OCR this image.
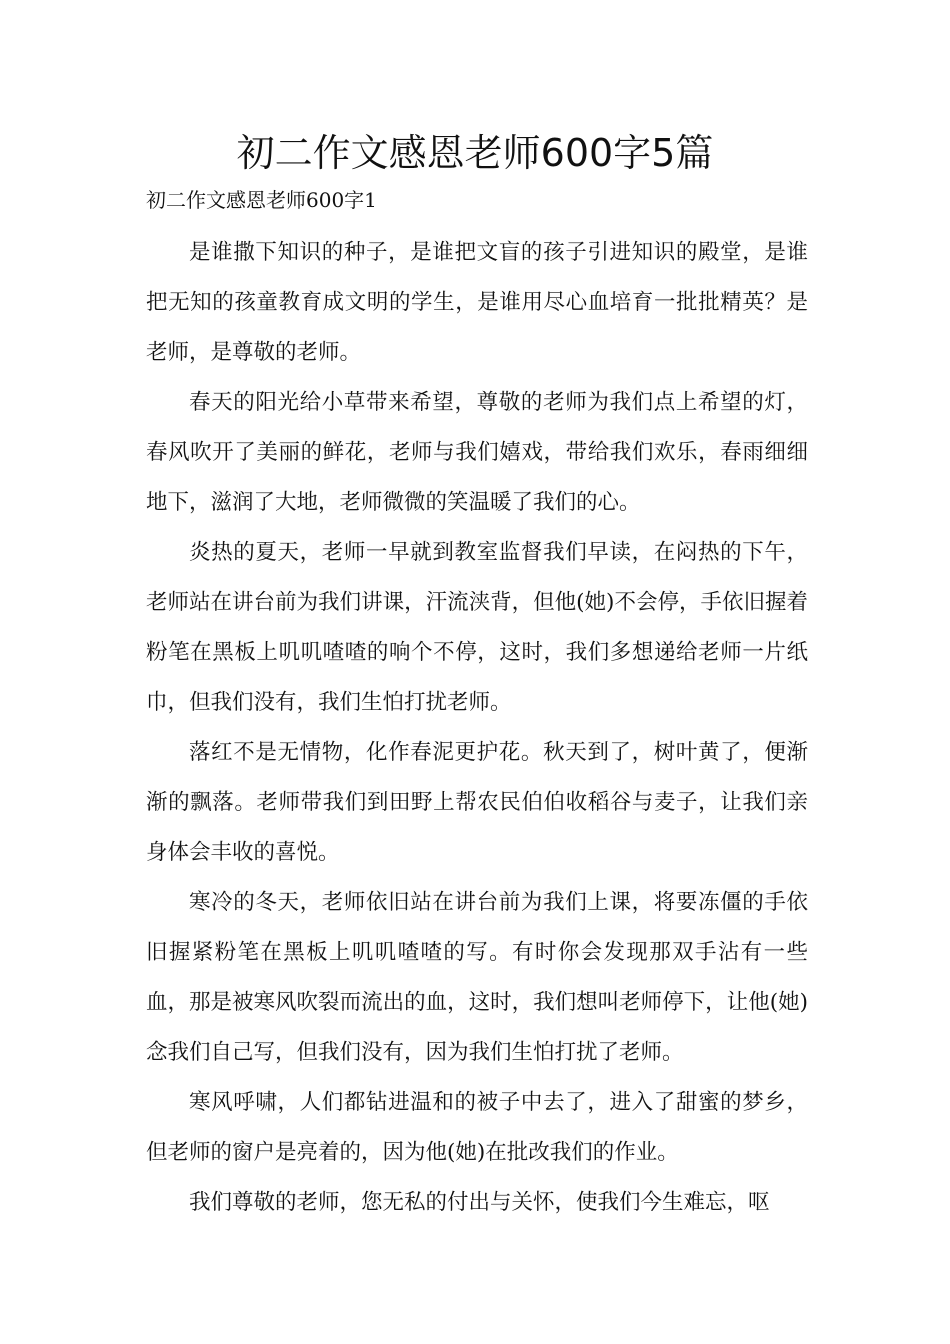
初二作文感恩老师600字5篇
初二作文感恩老师600字1

是谁撒下知识的种子，是谁把文盲的孩子引进知识的殿堂，是谁把无知的孩童教育成文明的学生，是谁用尽心血培育一批批精英？是老师，是尊敬的老师。

春天的阳光给小草带来希望，尊敬的老师为我们点上希望的灯，春风吹开了美丽的鲜花，老师与我们嬉戏，带给我们欢乐，春雨细细地下，滋润了大地，老师微微的笑温暖了我们的心。

炎热的夏天，老师一早就到教室监督我们早读，在闷热的下午，老师站在讲台前为我们讲课，汗流浃背，但他(她)不会停，手依旧握着粉笔在黑板上叽叽喳喳的响个不停，这时，我们多想递给老师一片纸巾，但我们没有，我们生怕打扰老师。

落红不是无情物，化作春泥更护花。秋天到了，树叶黄了，便渐渐的飘落。老师带我们到田野上帮农民伯伯收稻谷与麦子，让我们亲身体会丰收的喜悦。

寒冷的冬天，老师依旧站在讲台前为我们上课，将要冻僵的手依旧握紧粉笔在黑板上叽叽喳喳的写。有时你会发现那双手沾有一些血，那是被寒风吹裂而流出的血，这时，我们想叫老师停下，让他(她)念我们自己写，但我们没有，因为我们生怕打扰了老师。

寒风呼啸，人们都钻进温和的被子中去了，进入了甜蜜的梦乡，但老师的窗户是亮着的，因为他(她)在批改我们的作业。

我们尊敬的老师，您无私的付出与关怀，使我们今生难忘，呕
